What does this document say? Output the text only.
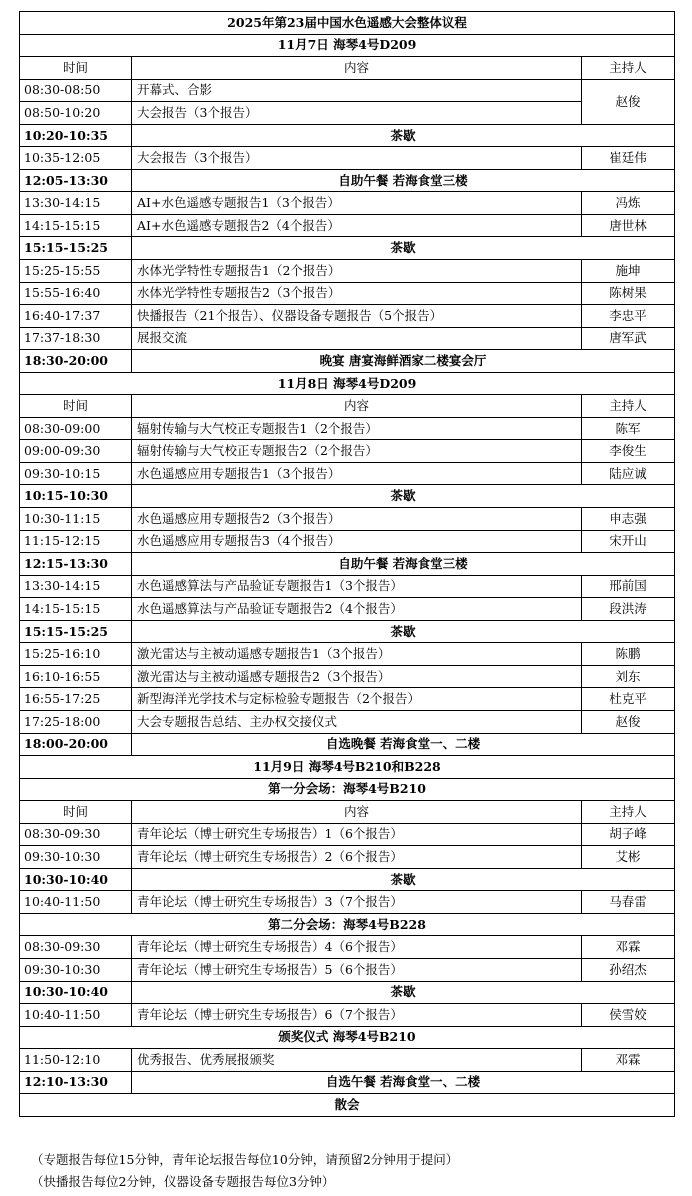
2025年第23届中国水色遥感大会整体议程		
11月7日 海琴4号D209		
时间	内容	主持人
08:30-08:50	开幕式、合影	赵俊
08:50-10:20	大会报告（3个报告）	
10:20-10:35	茶歇	
10:35-12:05	大会报告（3个报告）	崔廷伟
12:05-13:30	自助午餐 若海食堂三楼	
13:30-14:15	AI+水色遥感专题报告1（3个报告）	冯炼
14:15-15:15	AI+水色遥感专题报告2（4个报告）	唐世林
15:15-15:25	茶歇	
15:25-15:55	水体光学特性专题报告1（2个报告）	施坤
15:55-16:40	水体光学特性专题报告2（3个报告）	陈树果
16:40-17:37	快播报告（21个报告）、仪器设备专题报告（5个报告）	李忠平
17:37-18:30	展报交流	唐军武
18:30-20:00	晚宴 唐宴海鲜酒家二楼宴会厅	
11月8日 海琴4号D209		
时间	内容	主持人
08:30-09:00	辐射传输与大气校正专题报告1（2个报告）	陈军
09:00-09:30	辐射传输与大气校正专题报告2（2个报告）	李俊生
09:30-10:15	水色遥感应用专题报告1（3个报告）	陆应诚
10:15-10:30	茶歇	
10:30-11:15	水色遥感应用专题报告2（3个报告）	申志强
11:15-12:15	水色遥感应用专题报告3（4个报告）	宋开山
12:15-13:30	自助午餐 若海食堂三楼	
13:30-14:15	水色遥感算法与产品验证专题报告1（3个报告）	邢前国
14:15-15:15	水色遥感算法与产品验证专题报告2（4个报告）	段洪涛
15:15-15:25	茶歇	
15:25-16:10	激光雷达与主被动遥感专题报告1（3个报告）	陈鹏
16:10-16:55	激光雷达与主被动遥感专题报告2（3个报告）	刘东
16:55-17:25	新型海洋光学技术与定标检验专题报告（2个报告）	杜克平
17:25-18:00	大会专题报告总结、主办权交接仪式	赵俊
18:00-20:00	自选晚餐 若海食堂一、二楼	
11月9日 海琴4号B210和B228		
第一分会场：海琴4号B210		
时间	内容	主持人
08:30-09:30	青年论坛（博士研究生专场报告）1（6个报告）	胡子峰
09:30-10:30	青年论坛（博士研究生专场报告）2（6个报告）	艾彬
10:30-10:40	茶歇	
10:40-11:50	青年论坛（博士研究生专场报告）3（7个报告）	马春雷
第二分会场：海琴4号B228		
08:30-09:30	青年论坛（博士研究生专场报告）4（6个报告）	邓霖
09:30-10:30	青年论坛（博士研究生专场报告）5（6个报告）	孙绍杰
10:30-10:40	茶歇	
10:40-11:50	青年论坛（博士研究生专场报告）6（7个报告）	侯雪姣
颁奖仪式 海琴4号B210		
11:50-12:10	优秀报告、优秀展报颁奖	邓霖
12:10-13:30	自选午餐 若海食堂一、二楼	
散会		
（专题报告每位15分钟，青年论坛报告每位10分钟，请预留2分钟用于提问）
（快播报告每位2分钟，仪器设备专题报告每位3分钟）
